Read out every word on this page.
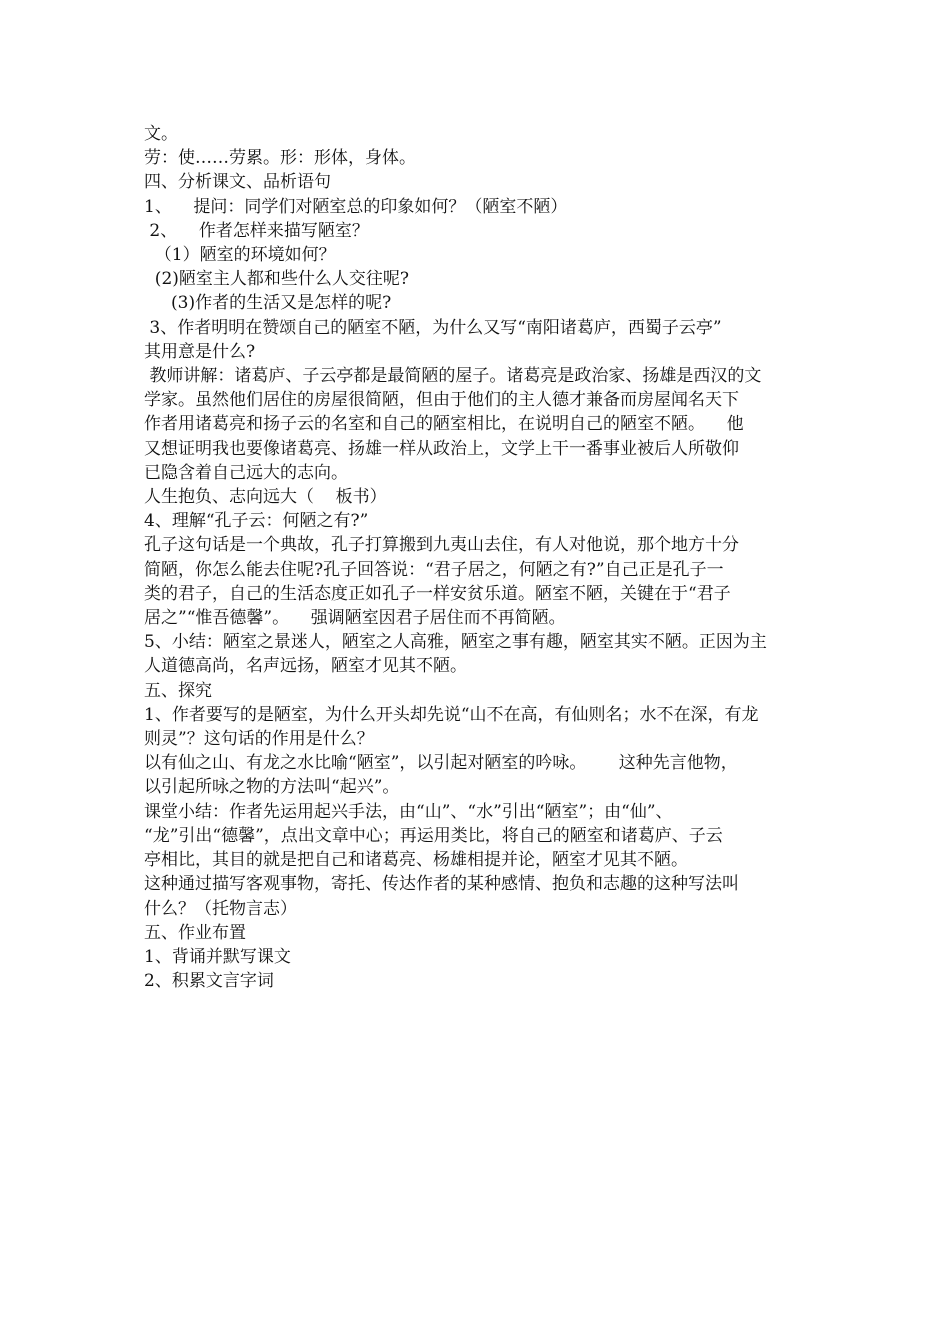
文。
劳：使……劳累。形：形体，身体。
四、分析课文、品析语句
1、    提问：同学们对陋室总的印象如何？（陋室不陋）
2、    作者怎样来描写陋室？
（1）陋室的环境如何？
(2)陋室主人都和些什么人交往呢?
(3)作者的生活又是怎样的呢?
3、作者明明在赞颂自己的陋室不陋，为什么又写“南阳诸葛庐，西蜀子云亭”
其用意是什么?
教师讲解：诸葛庐、子云亭都是最简陋的屋子。诸葛亮是政治家、扬雄是西汉的文
学家。虽然他们居住的房屋很简陋，但由于他们的主人德才兼备而房屋闻名天下
作者用诸葛亮和扬子云的名室和自己的陋室相比，在说明自己的陋室不陋。    他
又想证明我也要像诸葛亮、扬雄一样从政治上，文学上干一番事业被后人所敬仰
已隐含着自己远大的志向。
人生抱负、志向远大（    板书）
4、理解“孔子云：何陋之有?”
孔子这句话是一个典故，孔子打算搬到九夷山去住，有人对他说，那个地方十分
简陋，你怎么能去住呢?孔子回答说：“君子居之，何陋之有?”自己正是孔子一
类的君子，自己的生活态度正如孔子一样安贫乐道。陋室不陋，关键在于“君子
居之”“惟吾德馨”。    强调陋室因君子居住而不再简陋。
5、小结：陋室之景迷人，陋室之人高雅，陋室之事有趣，陋室其实不陋。正因为主
人道德高尚，名声远扬，陋室才见其不陋。
五、探究
1、作者要写的是陋室，为什么开头却先说“山不在高，有仙则名；水不在深，有龙
则灵”？这句话的作用是什么？
以有仙之山、有龙之水比喻“陋室”，以引起对陋室的吟咏。      这种先言他物，
以引起所咏之物的方法叫“起兴”。
课堂小结：作者先运用起兴手法，由“山”、“水”引出“陋室”；由“仙”、
“龙”引出“德馨”，点出文章中心；再运用类比，将自己的陋室和诸葛庐、子云
亭相比，其目的就是把自己和诸葛亮、杨雄相提并论，陋室才见其不陋。
这种通过描写客观事物，寄托、传达作者的某种感情、抱负和志趣的这种写法叫
什么？（托物言志）
五、作业布置
1、背诵并默写课文
2、积累文言字词
